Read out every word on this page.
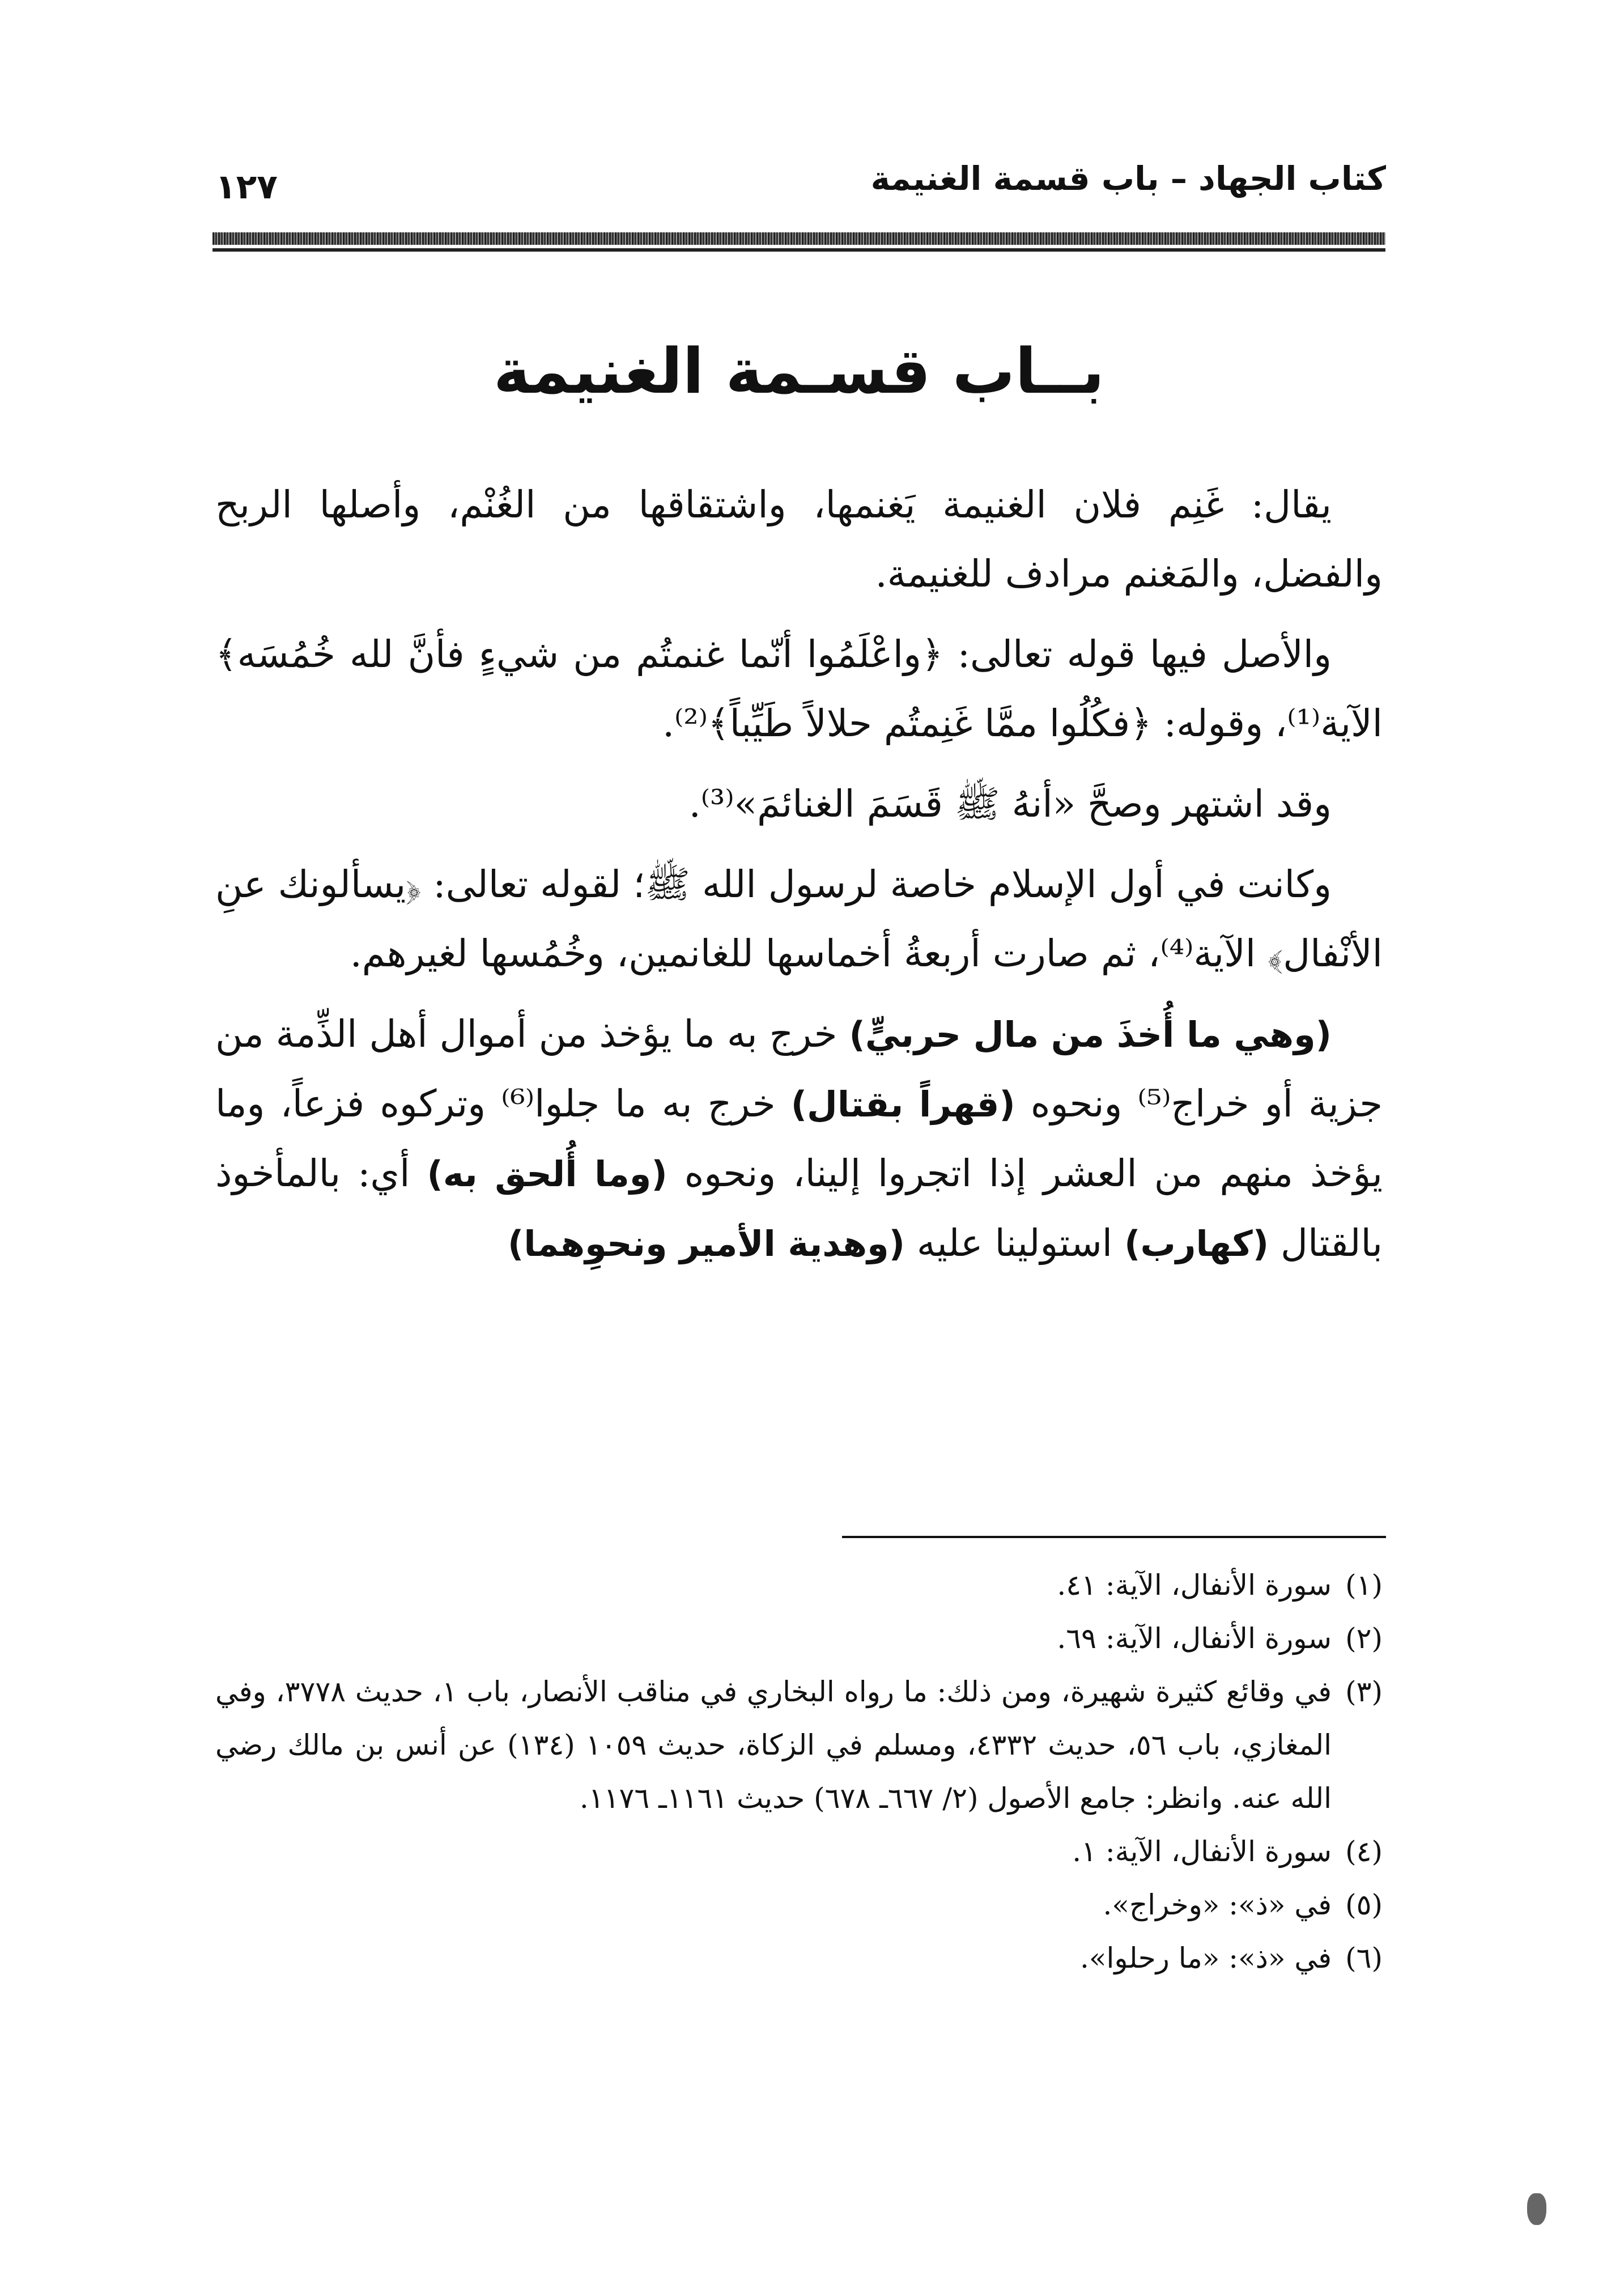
كتاب الجهاد – باب قسمة الغنيمة
١٢٧
بــاب قسـمة الغنيمة

يقال: غَنِم فلان الغنيمة يَغنمها، واشتقاقها من الغُنْم، وأصلها الربح والفضل، والمَغنم مرادف للغنيمة.

والأصل فيها قوله تعالى: ﴿واعْلَمُوا أنّما غنمتُم من شيءٍ فأنَّ لله خُمُسَه﴾ الآية⁽¹⁾، وقوله: ﴿فكُلُوا ممَّا غَنِمتُم حلالاً طَيِّباً﴾⁽²⁾.

وقد اشتهر وصحَّ «أنهُ ﷺ قَسَمَ الغنائمَ»⁽³⁾.

وكانت في أول الإسلام خاصة لرسول الله ﷺ؛ لقوله تعالى: ﴿يسألونك عنِ الأنْفال﴾ الآية⁽⁴⁾، ثم صارت أربعةُ أخماسها للغانمين، وخُمُسها لغيرهم.

(وهي ما أُخذَ من مال حربيٍّ) خرج به ما يؤخذ من أموال أهل الذِّمة من جزية أو خراج⁽⁵⁾ ونحوه (قهراً بقتال) خرج به ما جلوا⁽⁶⁾ وتركوه فزعاً، وما يؤخذ منهم من العشر إذا اتجروا إلينا، ونحوه (وما أُلحق به) أي: بالمأخوذ بالقتال (كهارب) استولينا عليه (وهدية الأمير ونحوِهما)

(١)
سورة الأنفال، الآية: ٤١.
(٢)
سورة الأنفال، الآية: ٦٩.
(٣)
في وقائع كثيرة شهيرة، ومن ذلك: ما رواه البخاري في مناقب الأنصار، باب ١، حديث ٣٧٧٨، وفي المغازي، باب ٥٦، حديث ٤٣٣٢، ومسلم في الزكاة، حديث ١٠٥٩ (١٣٤) عن أنس بن مالك رضي الله عنه. وانظر: جامع الأصول (٢/ ٦٦٧ـ ٦٧٨) حديث ١١٦١ـ ١١٧٦.
(٤)
سورة الأنفال، الآية: ١.
(٥)
في «ذ»: «وخراج».
(٦)
في «ذ»: «ما رحلوا».
